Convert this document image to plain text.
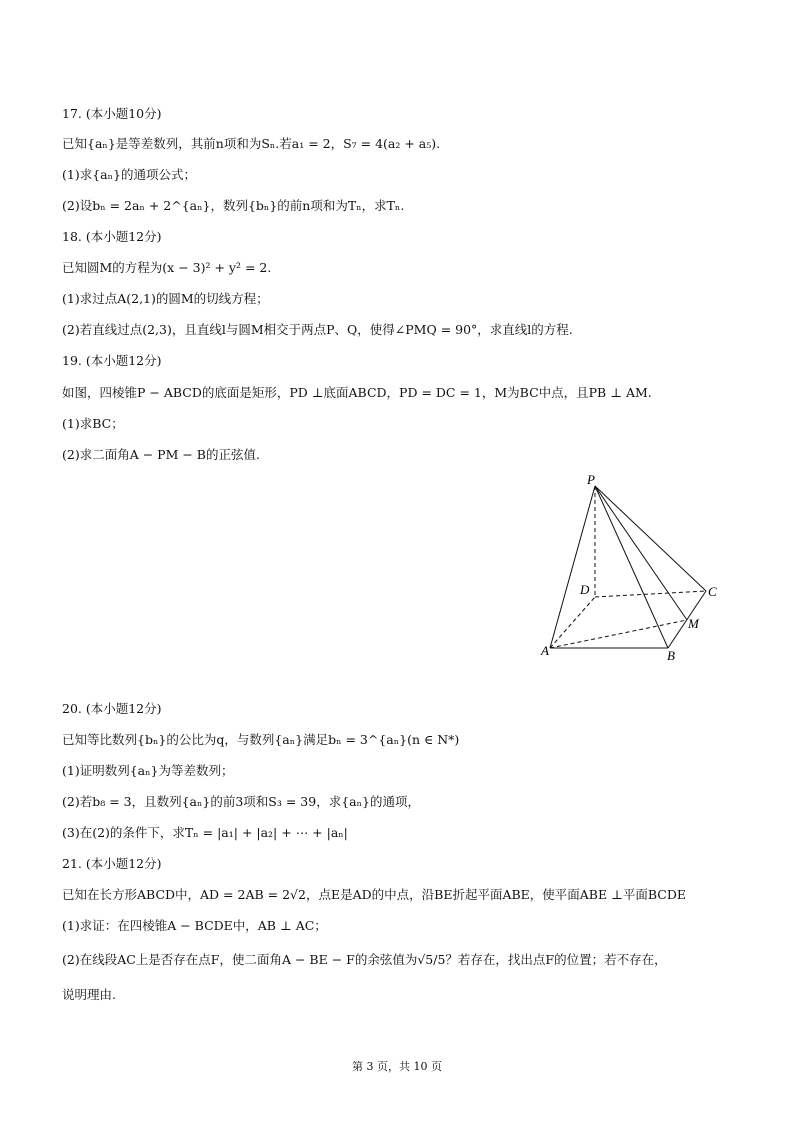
17. (本小题10分)
已知{aₙ}是等差数列，其前n项和为Sₙ.若a₁ = 2，S₇ = 4(a₂ + a₅).
(1)求{aₙ}的通项公式；
(2)设bₙ = 2aₙ + 2^{aₙ}，数列{bₙ}的前n项和为Tₙ，求Tₙ.
18. (本小题12分)
已知圆M的方程为(x − 3)² + y² = 2.
(1)求过点A(2,1)的圆M的切线方程；
(2)若直线过点(2,3)，且直线l与圆M相交于两点P、Q，使得∠PMQ = 90°，求直线l的方程.
19. (本小题12分)
如图，四棱锥P − ABCD的底面是矩形，PD ⊥底面ABCD，PD = DC = 1，M为BC中点，且PB ⊥ AM.
(1)求BC；
(2)求二面角A − PM − B的正弦值.
P
D	C
M
A	B
20. (本小题12分)
已知等比数列{bₙ}的公比为q，与数列{aₙ}满足bₙ = 3^{aₙ}(n ∈ N*)
(1)证明数列{aₙ}为等差数列；
(2)若b₈ = 3，且数列{aₙ}的前3项和S₃ = 39，求{aₙ}的通项，
(3)在(2)的条件下，求Tₙ = |a₁| + |a₂| + ⋯ + |aₙ|
21. (本小题12分)
已知在长方形ABCD中，AD = 2AB = 2√2，点E是AD的中点，沿BE折起平面ABE，使平面ABE ⊥平面BCDE
(1)求证：在四棱锥A − BCDE中，AB ⊥ AC；
(2)在线段AC上是否存在点F，使二面角A − BE − F的余弦值为√5/5？若存在，找出点F的位置；若不存在，
说明理由.
第 3 页，共 10 页
